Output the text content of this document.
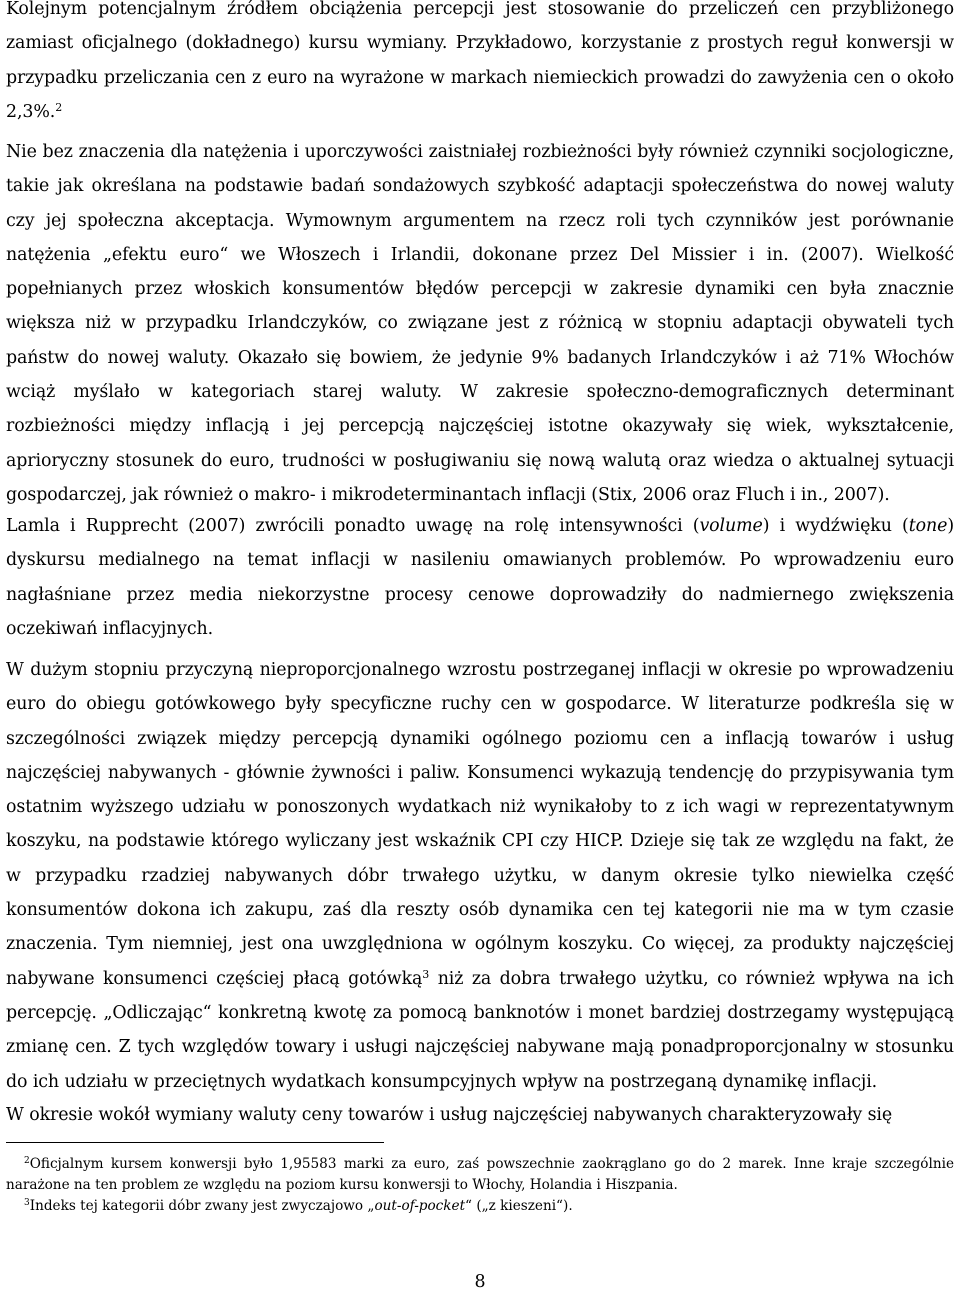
Kolejnym potencjalnym źródłem obciążenia percepcji jest stosowanie do przeliczeń cen przybliżonego zamiast oficjalnego (dokładnego) kursu wymiany. Przykładowo, korzystanie z prostych reguł konwersji w przypadku przeliczania cen z euro na wyrażone w markach niemieckich prowadzi do zawyżenia cen o około 2,3%.$^2$

Nie bez znaczenia dla natężenia i uporczywości zaistniałej rozbieżności były również czynniki socjologiczne, takie jak określana na podstawie badań sondażowych szybkość adaptacji społeczeństwa do nowej waluty czy jej społeczna akceptacja. Wymownym argumentem na rzecz roli tych czynników jest porównanie natężenia „efektu euro“ we Włoszech i Irlandii, dokonane przez Del Missier i in. (2007). Wielkość popełnianych przez włoskich konsumentów błędów percepcji w zakresie dynamiki cen była znacznie większa niż w przypadku Irlandczyków, co związane jest z różnicą w stopniu adaptacji obywateli tych państw do nowej waluty. Okazało się bowiem, że jedynie 9% badanych Irlandczyków i aż 71% Włochów wciąż myślało w kategoriach starej waluty. W zakresie społeczno-demograficznych determinant rozbieżności między inflacją i jej percepcją najczęściej istotne okazywały się wiek, wykształcenie, aprioryczny stosunek do euro, trudności w posługiwaniu się nową walutą oraz wiedza o aktualnej sytuacji gospodarczej, jak również o makro- i mikrodeterminantach inflacji (Stix, 2006 oraz Fluch i in., 2007).

Lamla i Rupprecht (2007) zwrócili ponadto uwagę na rolę intensywności (volume) i wydźwięku (tone) dyskursu medialnego na temat inflacji w nasileniu omawianych problemów. Po wprowadzeniu euro nagłaśniane przez media niekorzystne procesy cenowe doprowadziły do nadmiernego zwiększenia oczekiwań inflacyjnych.

W dużym stopniu przyczyną nieproporcjonalnego wzrostu postrzeganej inflacji w okresie po wprowadzeniu euro do obiegu gotówkowego były specyficzne ruchy cen w gospodarce. W literaturze podkreśla się w szczególności związek między percepcją dynamiki ogólnego poziomu cen a inflacją towarów i usług najczęściej nabywanych - głównie żywności i paliw. Konsumenci wykazują tendencję do przypisywania tym ostatnim wyższego udziału w ponoszonych wydatkach niż wynikałoby to z ich wagi w reprezentatywnym koszyku, na podstawie którego wyliczany jest wskaźnik CPI czy HICP. Dzieje się tak ze względu na fakt, że w przypadku rzadziej nabywanych dóbr trwałego użytku, w danym okresie tylko niewielka część konsumentów dokona ich zakupu, zaś dla reszty osób dynamika cen tej kategorii nie ma w tym czasie znaczenia. Tym niemniej, jest ona uwzględniona w ogólnym koszyku. Co więcej, za produkty najczęściej nabywane konsumenci częściej płacą gotówką$^3$ niż za dobra trwałego użytku, co również wpływa na ich percepcję. „Odliczając“ konkretną kwotę za pomocą banknotów i monet bardziej dostrzegamy występującą zmianę cen. Z tych względów towary i usługi najczęściej nabywane mają ponadproporcjonalny w stosunku do ich udziału w przeciętnych wydatkach konsumpcyjnych wpływ na postrzeganą dynamikę inflacji.

W okresie wokół wymiany waluty ceny towarów i usług najczęściej nabywanych charakteryzowały się

$^2$Oficjalnym kursem konwersji było 1,95583 marki za euro, zaś powszechnie zaokrąglano go do 2 marek. Inne kraje szczególnie narażone na ten problem ze względu na poziom kursu konwersji to Włochy, Holandia i Hiszpania.

$^3$Indeks tej kategorii dóbr zwany jest zwyczajowo „out-of-pocket“ („z kieszeni“).

8
